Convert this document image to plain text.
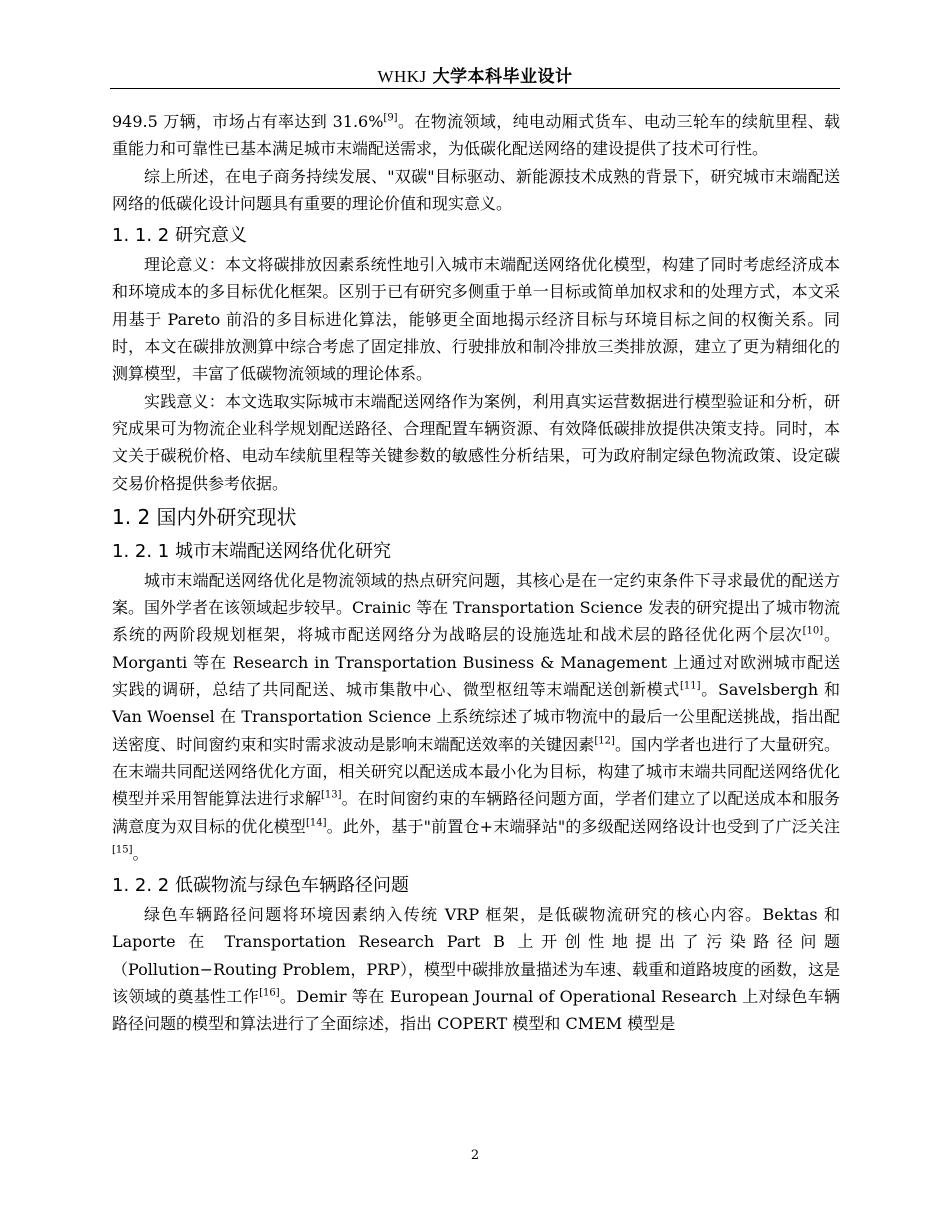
WHKJ 大学本科毕业设计

949.5 万辆，市场占有率达到 31.6%[9]。在物流领域，纯电动厢式货车、电动三轮车的续航里程、载重能力和可靠性已基本满足城市末端配送需求，为低碳化配送网络的建设提供了技术可行性。

综上所述，在电子商务持续发展、"双碳"目标驱动、新能源技术成熟的背景下，研究城市末端配送网络的低碳化设计问题具有重要的理论价值和现实意义。

1. 1. 2 研究意义

理论意义：本文将碳排放因素系统性地引入城市末端配送网络优化模型，构建了同时考虑经济成本和环境成本的多目标优化框架。区别于已有研究多侧重于单一目标或简单加权求和的处理方式，本文采用基于 Pareto 前沿的多目标进化算法，能够更全面地揭示经济目标与环境目标之间的权衡关系。同时，本文在碳排放测算中综合考虑了固定排放、行驶排放和制冷排放三类排放源，建立了更为精细化的测算模型，丰富了低碳物流领域的理论体系。

实践意义：本文选取实际城市末端配送网络作为案例，利用真实运营数据进行模型验证和分析，研究成果可为物流企业科学规划配送路径、合理配置车辆资源、有效降低碳排放提供决策支持。同时，本文关于碳税价格、电动车续航里程等关键参数的敏感性分析结果，可为政府制定绿色物流政策、设定碳交易价格提供参考依据。

1. 2 国内外研究现状
1. 2. 1 城市末端配送网络优化研究

城市末端配送网络优化是物流领域的热点研究问题，其核心是在一定约束条件下寻求最优的配送方案。国外学者在该领域起步较早。Crainic 等在 Transportation Science 发表的研究提出了城市物流系统的两阶段规划框架，将城市配送网络分为战略层的设施选址和战术层的路径优化两个层次[10]。Morganti 等在 Research in Transportation Business & Management 上通过对欧洲城市配送实践的调研，总结了共同配送、城市集散中心、微型枢纽等末端配送创新模式[11]。Savelsbergh 和 Van Woensel 在 Transportation Science 上系统综述了城市物流中的最后一公里配送挑战，指出配送密度、时间窗约束和实时需求波动是影响末端配送效率的关键因素[12]。国内学者也进行了大量研究。在末端共同配送网络优化方面，相关研究以配送成本最小化为目标，构建了城市末端共同配送网络优化模型并采用智能算法进行求解[13]。在时间窗约束的车辆路径问题方面，学者们建立了以配送成本和服务满意度为双目标的优化模型[14]。此外，基于"前置仓+末端驿站"的多级配送网络设计也受到了广泛关注[15]。

1. 2. 2 低碳物流与绿色车辆路径问题

绿色车辆路径问题将环境因素纳入传统 VRP 框架，是低碳物流研究的核心内容。Bektas 和 Laporte 在 Transportation Research Part B 上开创性地提出了污染路径问题（Pollution−Routing Problem，PRP），模型中碳排放量描述为车速、载重和道路坡度的函数，这是该领域的奠基性工作[16]。Demir 等在 European Journal of Operational Research 上对绿色车辆路径问题的模型和算法进行了全面综述，指出 COPERT 模型和 CMEM 模型是

2
